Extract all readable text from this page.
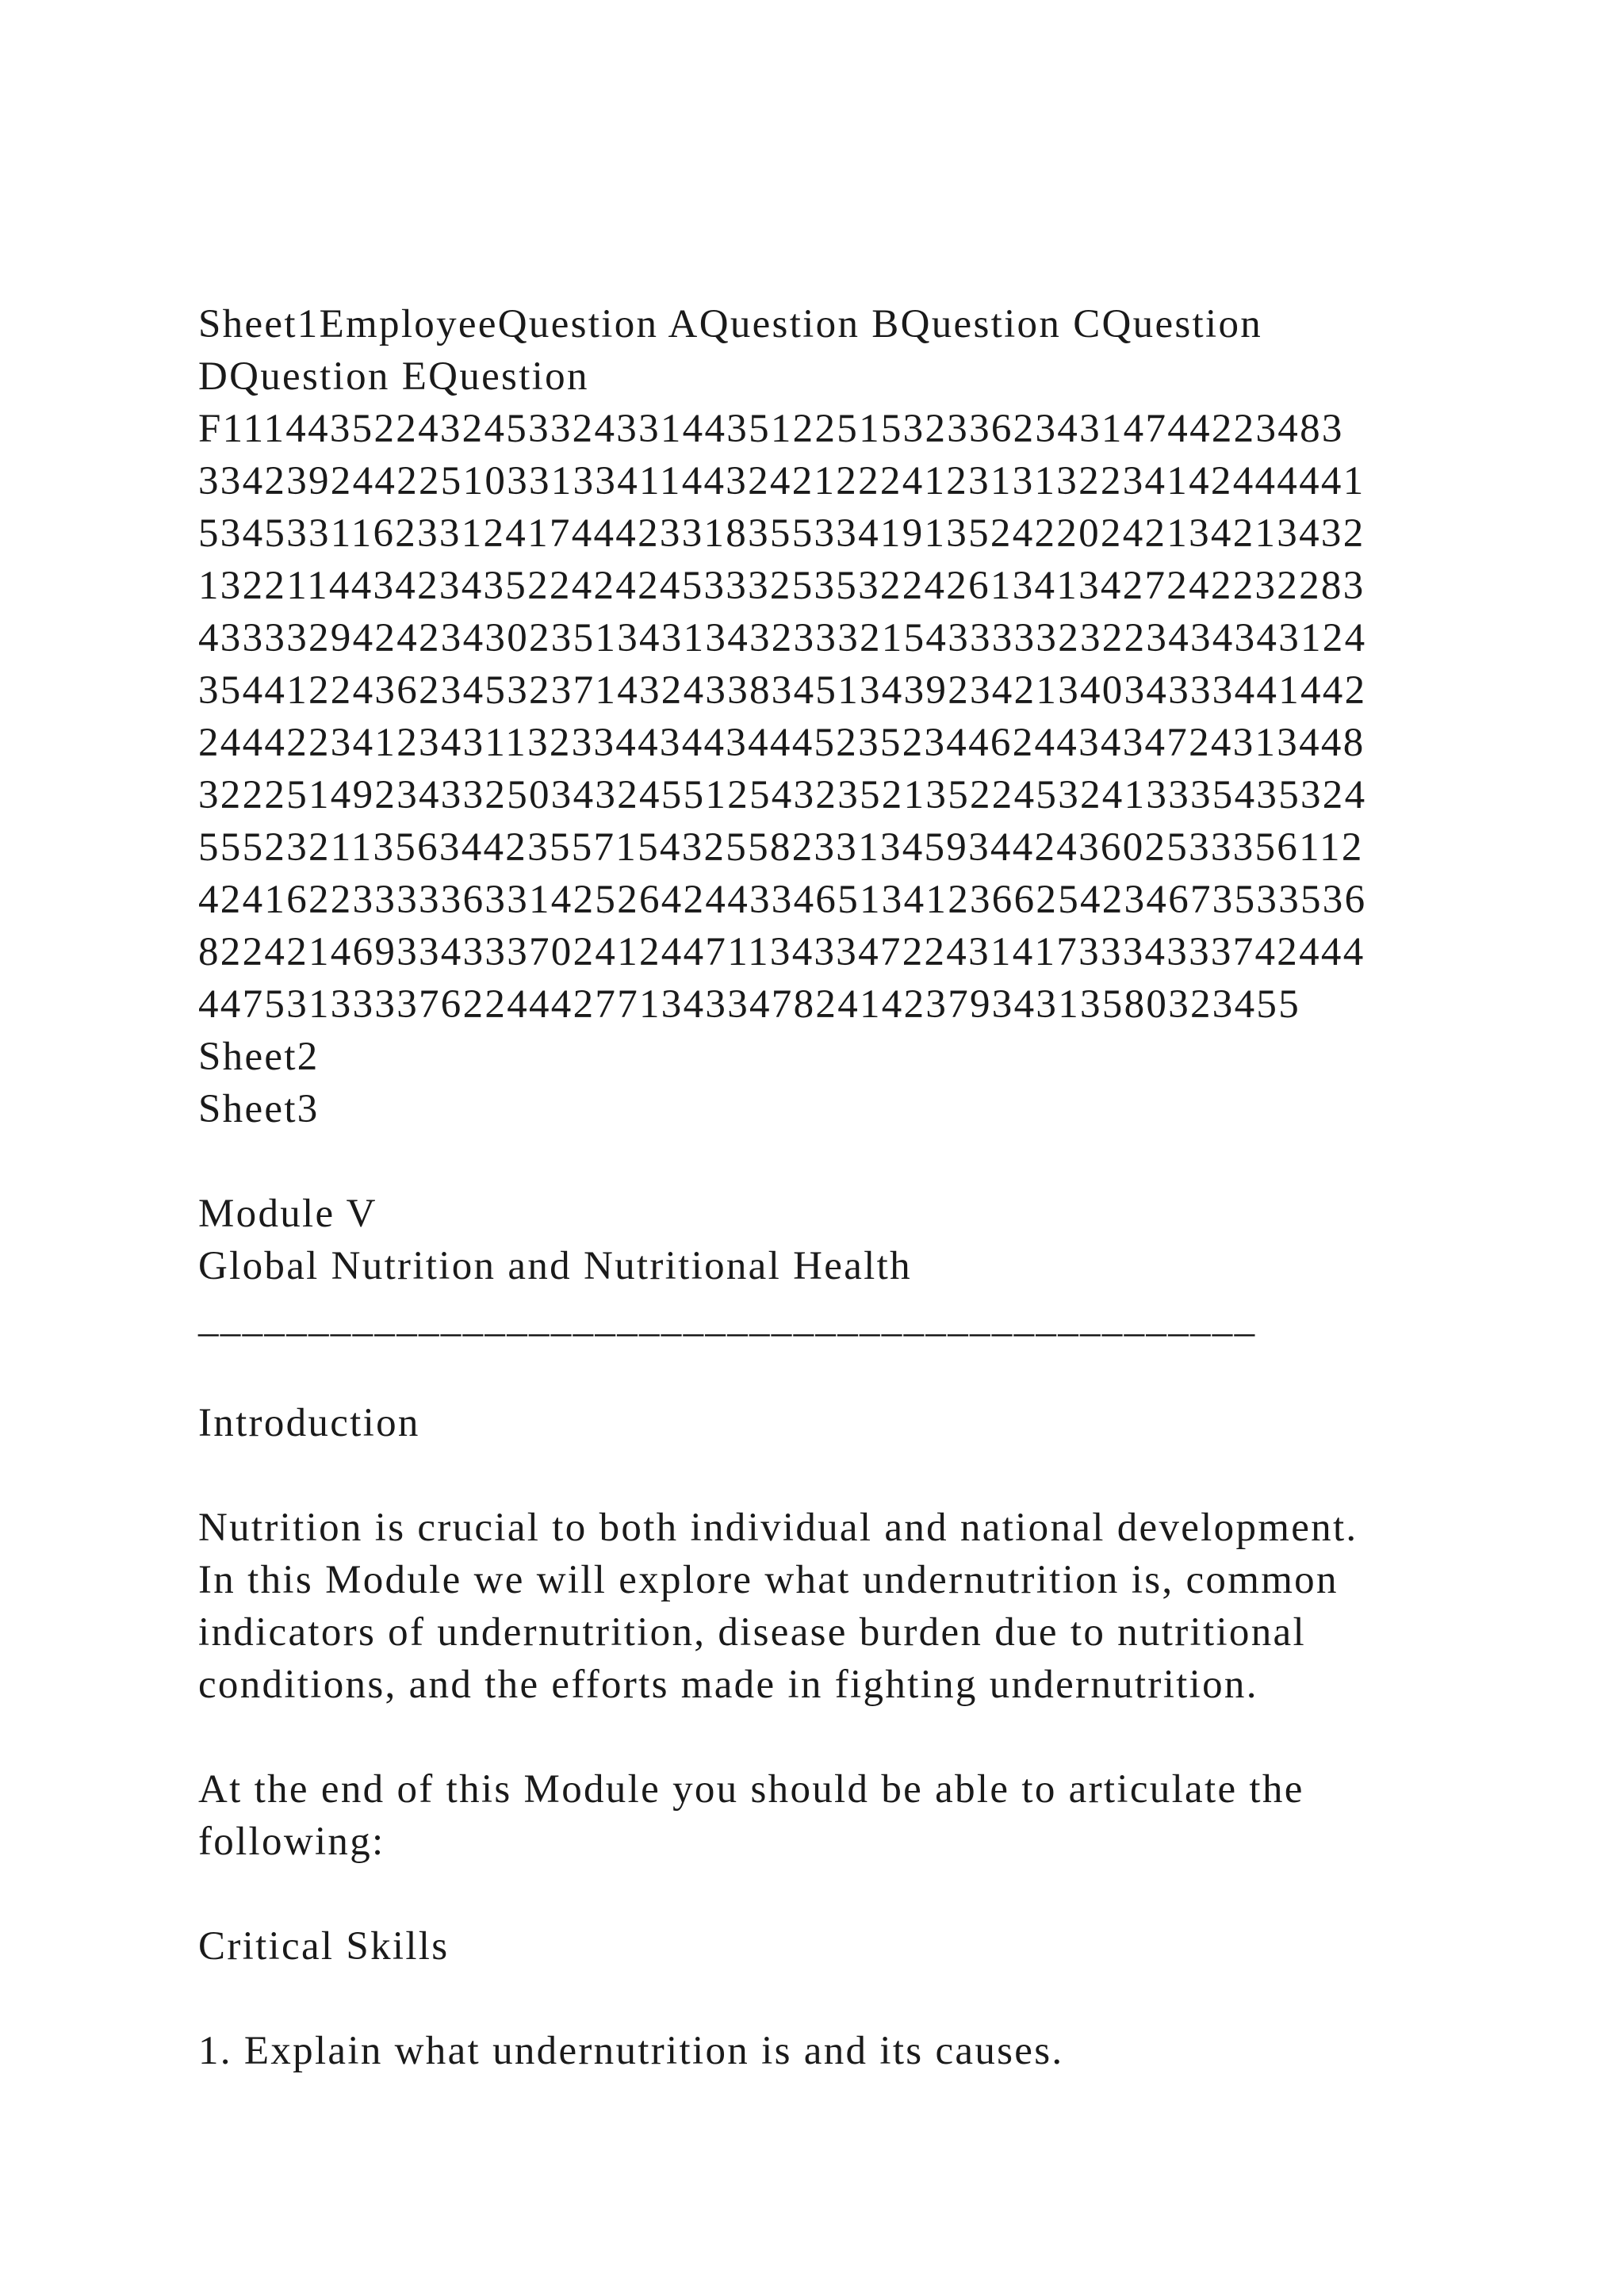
Sheet1EmployeeQuestion AQuestion BQuestion CQuestion
DQuestion EQuestion
F111443522432453324331443512251532336234314744223483
33423924422510331334114432421222412313132234142444441
53453311623312417444233183553341913524220242134213432
13221144342343522424245333253532242613413427242232283
43333294242343023513431343233321543333323223434343124
35441224362345323714324338345134392342134034333441442
24442234123431132334434434445235234462443434724313448
32225149234332503432455125432352135224532413335435324
55523211356344235571543255823313459344243602533356112
42416223333363314252642443346513412366254234673533536
82242146933433370241244711343347224314173334333742444
44753133337622444277134334782414237934313580323455
Sheet2
Sheet3
Module V
Global Nutrition and Nutritional Health
________________________________________________
Introduction
Nutrition is crucial to both individual and national development.
In this Module we will explore what undernutrition is, common
indicators of undernutrition, disease burden due to nutritional
conditions, and the efforts made in fighting undernutrition.
At the end of this Module you should be able to articulate the
following:
Critical Skills
1. Explain what undernutrition is and its causes.
